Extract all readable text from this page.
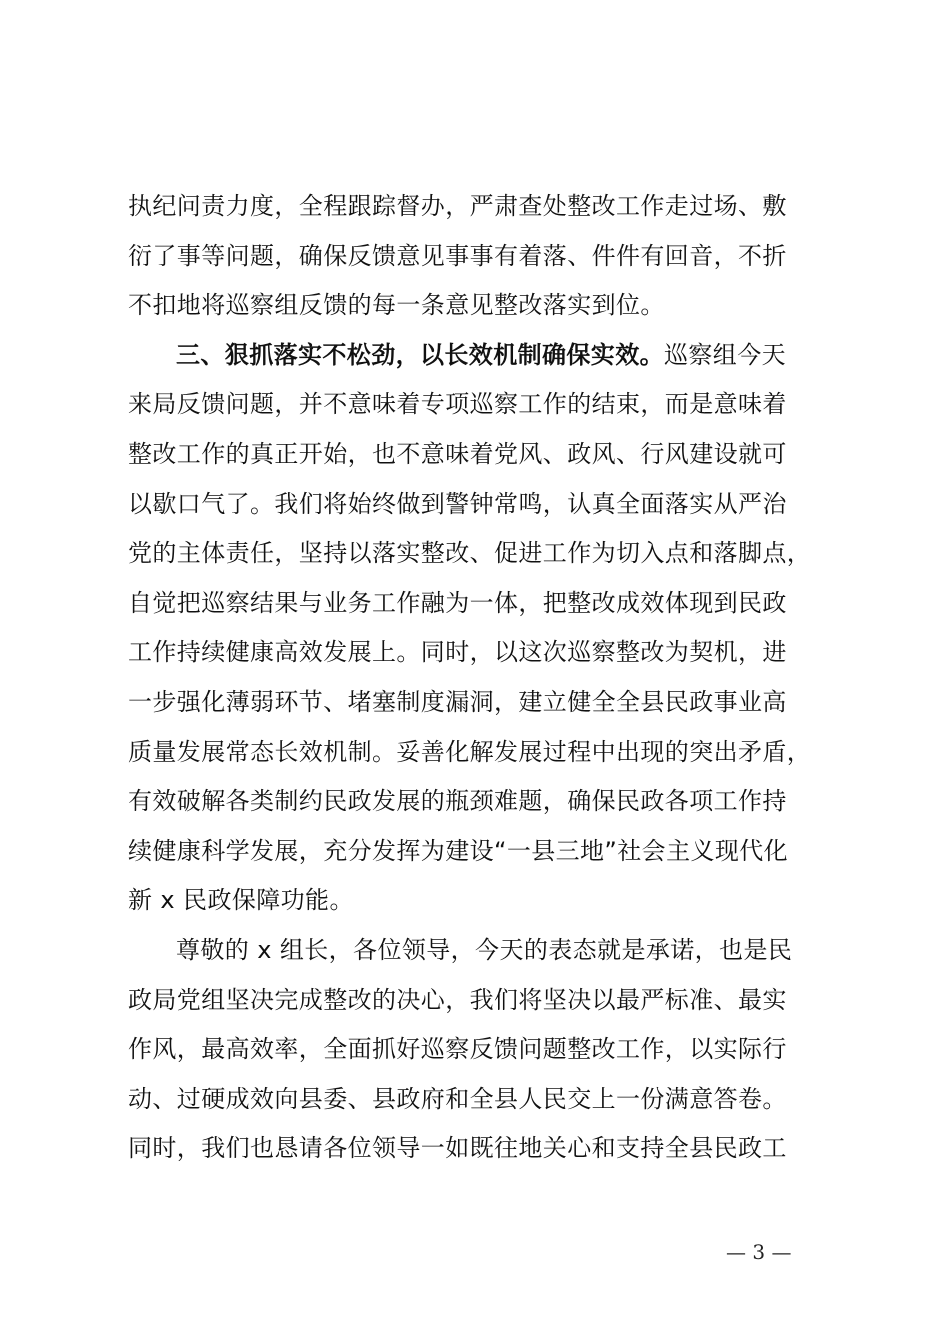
执纪问责力度，全程跟踪督办，严肃查处整改工作走过场、敷
衍了事等问题，确保反馈意见事事有着落、件件有回音，不折
不扣地将巡察组反馈的每一条意见整改落实到位。
三、狠抓落实不松劲，以长效机制确保实效。巡察组今天
来局反馈问题，并不意味着专项巡察工作的结束，而是意味着
整改工作的真正开始，也不意味着党风、政风、行风建设就可
以歇口气了。我们将始终做到警钟常鸣，认真全面落实从严治
党的主体责任，坚持以落实整改、促进工作为切入点和落脚点，
自觉把巡察结果与业务工作融为一体，把整改成效体现到民政
工作持续健康高效发展上。同时，以这次巡察整改为契机，进
一步强化薄弱环节、堵塞制度漏洞，建立健全全县民政事业高
质量发展常态长效机制。妥善化解发展过程中出现的突出矛盾，
有效破解各类制约民政发展的瓶颈难题，确保民政各项工作持
续健康科学发展，充分发挥为建设“一县三地”社会主义现代化
新 x 民政保障功能。
尊敬的 x 组长，各位领导，今天的表态就是承诺，也是民
政局党组坚决完成整改的决心，我们将坚决以最严标准、最实
作风，最高效率，全面抓好巡察反馈问题整改工作，以实际行
动、过硬成效向县委、县政府和全县人民交上一份满意答卷。
同时，我们也恳请各位领导一如既往地关心和支持全县民政工
— 3 —
